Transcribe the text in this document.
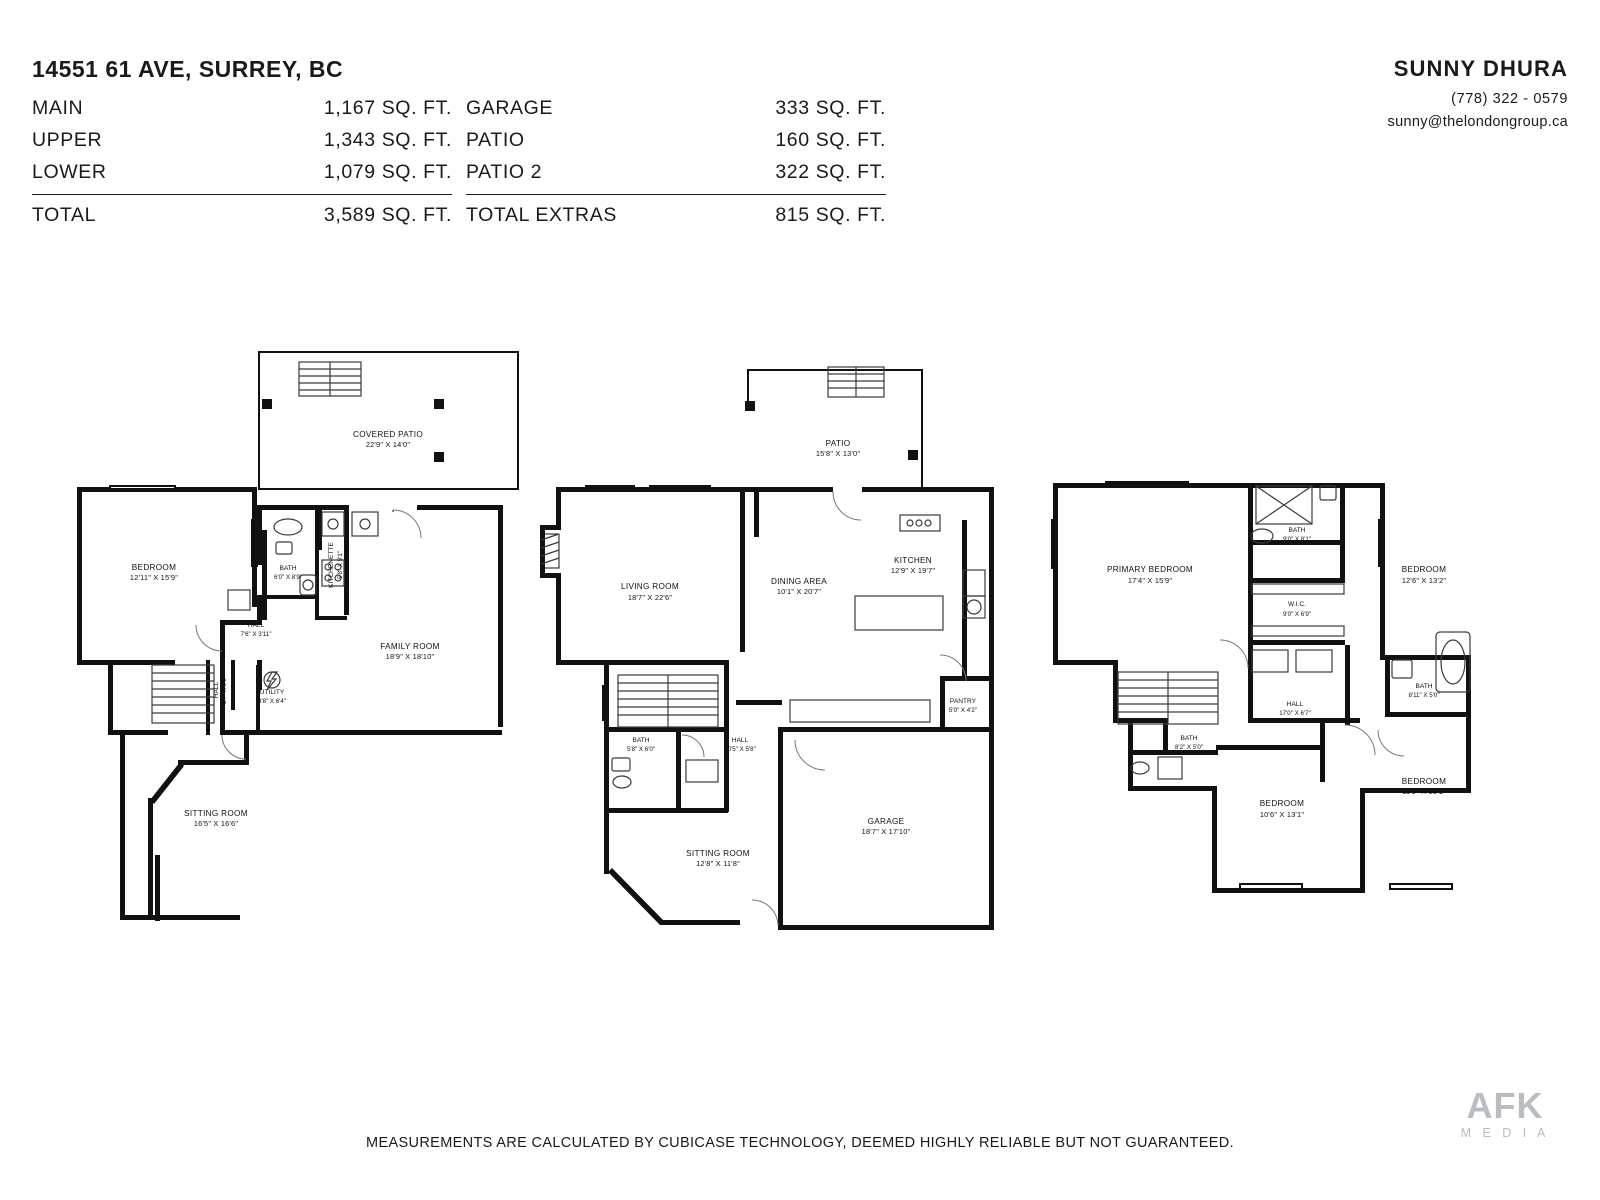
14551 61 AVE, SURREY, BC
MAIN	1,167 SQ. FT.
UPPER	1,343 SQ. FT.
LOWER	1,079 SQ. FT.
TOTAL	3,589 SQ. FT.
GARAGE	333 SQ. FT.
PATIO	160 SQ. FT.
PATIO 2	322 SQ. FT.
TOTAL EXTRAS	815 SQ. FT.
SUNNY DHURA
(778) 322 - 0579
sunny@thelondongroup.ca
COVERED PATIO
22'9" X 14'0"
BEDROOM
12'11" X 15'9"
BATH
6'0" X 8'9"	KITCHENETTE 5'8" X 9'1"
HALL
7'6" X 3'11"
FAMILY ROOM
18'9" X 18'10"
HALL 3'7" X 6'5"	UTILITY
3'8" X 6'4"
SITTING ROOM
16'5" X 16'6"
PATIO
15'8" X 13'0"
LIVING ROOM
18'7" X 22'6"
KITCHEN
12'9" X 19'7"
DINING AREA
10'1" X 20'7"
PANTRY
5'0" X 4'2"
BATH
5'8" X 6'0"
HALL
10'5" X 5'8"
SITTING ROOM
12'8" X 11'8"
GARAGE
18'7" X 17'10"
BATH
9'0" X 8'1"
PRIMARY BEDROOM
17'4" X 15'9"
BEDROOM
12'6" X 13'2"
W.I.C.
9'0" X 6'9"
BATH
8'11" X 5'0"
HALL
17'0" X 6'7"
BATH
8'2" X 5'0"
BEDROOM
11'9" X 13'1"
BEDROOM
10'6" X 13'1"
MEASUREMENTS ARE CALCULATED BY CUBICASE TECHNOLOGY, DEEMED HIGHLY RELIABLE BUT NOT GUARANTEED.
AFK
M E D I A
